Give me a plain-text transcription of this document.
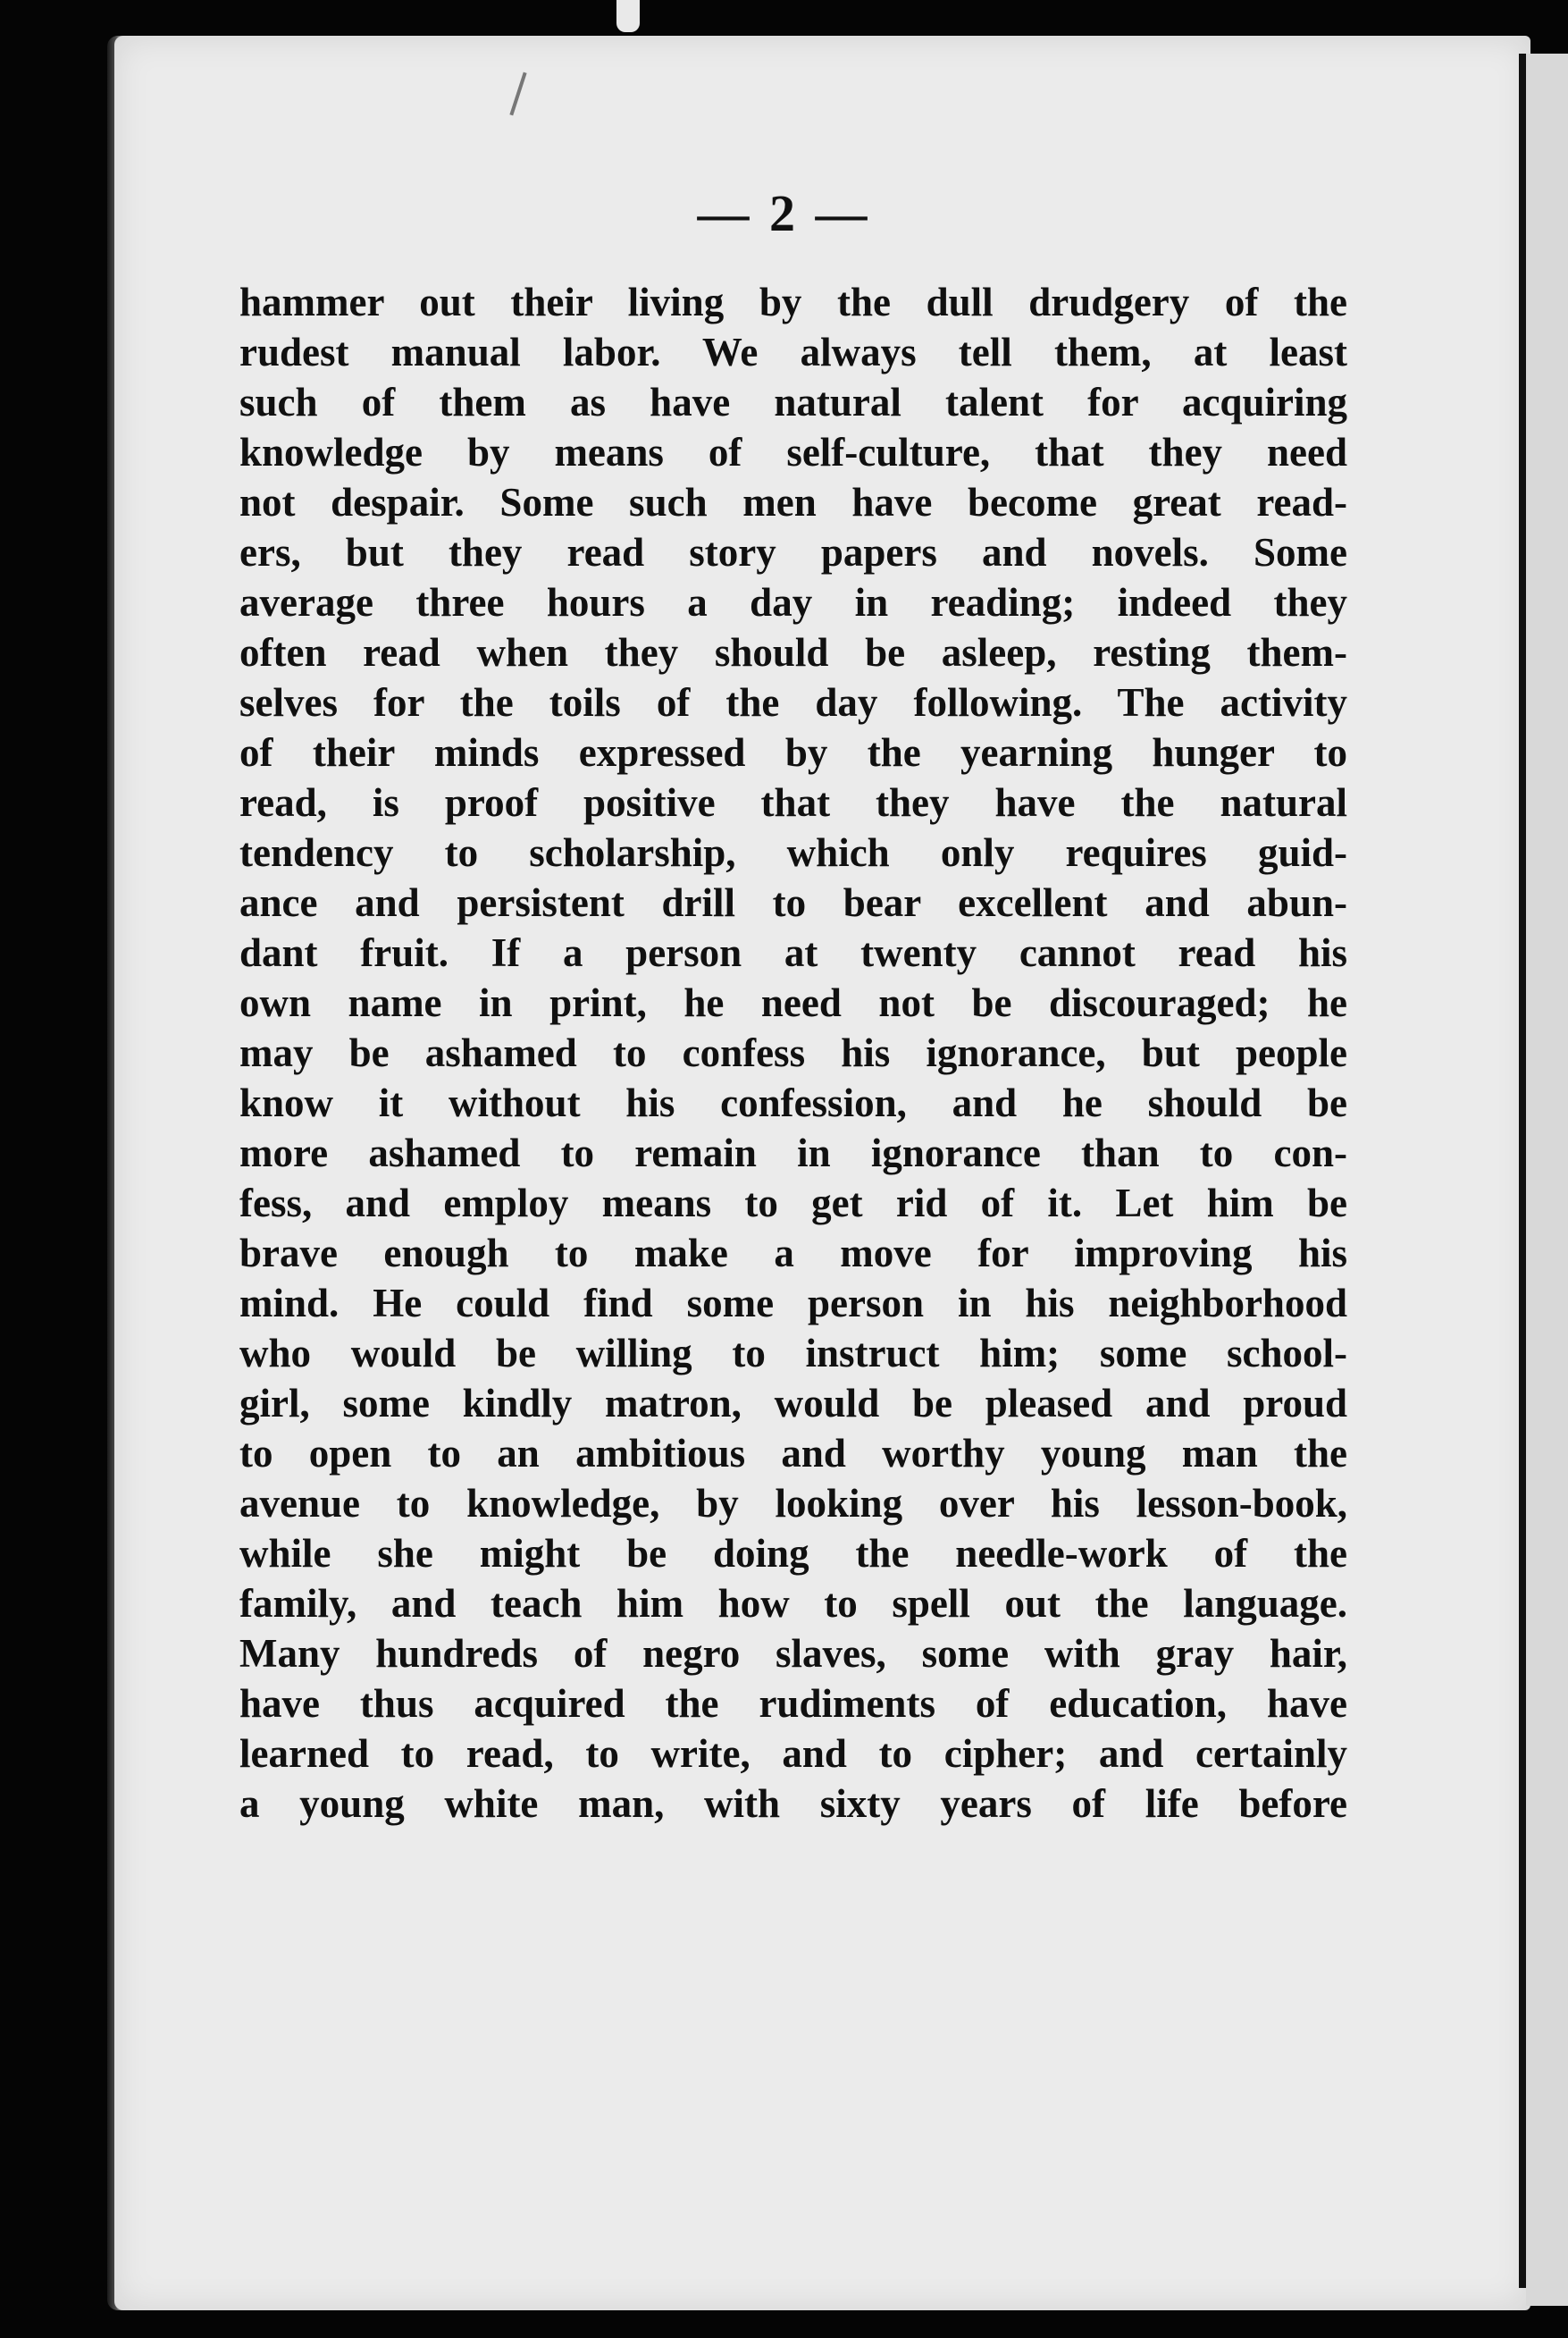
— 2 —
hammer out their living by the dull drudgery of the
rudest manual labor. We always tell them, at least
such of them as have natural talent for acquiring
knowledge by means of self-culture, that they need
not despair. Some such men have become great read-
ers, but they read story papers and novels. Some
average three hours a day in reading; indeed they
often read when they should be asleep, resting them-
selves for the toils of the day following. The activity
of their minds expressed by the yearning hunger to
read, is proof positive that they have the natural
tendency to scholarship, which only requires guid-
ance and persistent drill to bear excellent and abun-
dant fruit. If a person at twenty cannot read his
own name in print, he need not be discouraged; he
may be ashamed to confess his ignorance, but people
know it without his confession, and he should be
more ashamed to remain in ignorance than to con-
fess, and employ means to get rid of it. Let him be
brave enough to make a move for improving his
mind. He could find some person in his neighborhood
who would be willing to instruct him; some school-
girl, some kindly matron, would be pleased and proud
to open to an ambitious and worthy young man the
avenue to knowledge, by looking over his lesson-book,
while she might be doing the needle-work of the
family, and teach him how to spell out the language.
Many hundreds of negro slaves, some with gray hair,
have thus acquired the rudiments of education, have
learned to read, to write, and to cipher; and certainly
a young white man, with sixty years of life before
